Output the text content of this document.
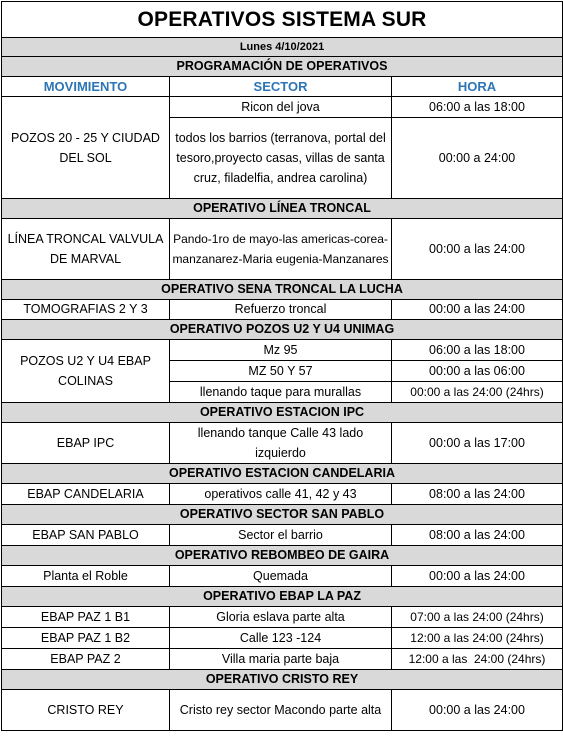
OPERATIVOS SISTEMA SUR		
Lunes 4/10/2021		
PROGRAMACIÓN DE OPERATIVOS		
MOVIMIENTO	SECTOR	HORA
POZOS 20 - 25 Y CIUDAD DEL SOL	Ricon del jova	06:00 a las 18:00
	todos los barrios (terranova, portal del tesoro,proyecto casas, villas de santa cruz, filadelfia, andrea carolina)	00:00 a 24:00
OPERATIVO LÍNEA TRONCAL		
LÍNEA TRONCAL VALVULA DE MARVAL	Pando-1ro de mayo-las americas-corea-manzanarez-Maria eugenia-Manzanares	00:00 a las 24:00
OPERATIVO SENA TRONCAL LA LUCHA		
TOMOGRAFIAS 2 Y 3	Refuerzo troncal	00:00 a las 24:00
OPERATIVO POZOS U2 Y U4 UNIMAG		
POZOS U2 Y U4 EBAP COLINAS	Mz 95	06:00 a las 18:00
	MZ 50 Y 57	00:00 a las 06:00
	llenando taque para murallas	00:00 a las 24:00 (24hrs)
OPERATIVO ESTACION IPC		
EBAP IPC	llenando tanque Calle 43 lado izquierdo	00:00 a las 17:00
OPERATIVO ESTACION CANDELARIA		
EBAP CANDELARIA	operativos calle 41, 42 y 43	08:00 a las 24:00
OPERATIVO SECTOR SAN PABLO		
EBAP SAN PABLO	Sector el barrio	08:00 a las 24:00
OPERATIVO REBOMBEO DE GAIRA		
Planta el Roble	Quemada	00:00 a las 24:00
OPERATIVO EBAP LA PAZ		
EBAP PAZ 1 B1	Gloria eslava parte alta	07:00 a las 24:00 (24hrs)
EBAP PAZ 1 B2	Calle 123 -124	12:00 a las 24:00 (24hrs)
EBAP PAZ 2	Villa maria parte baja	12:00 a las  24:00 (24hrs)
OPERATIVO CRISTO REY		
CRISTO REY	Cristo rey sector Macondo parte alta	00:00 a las 24:00
